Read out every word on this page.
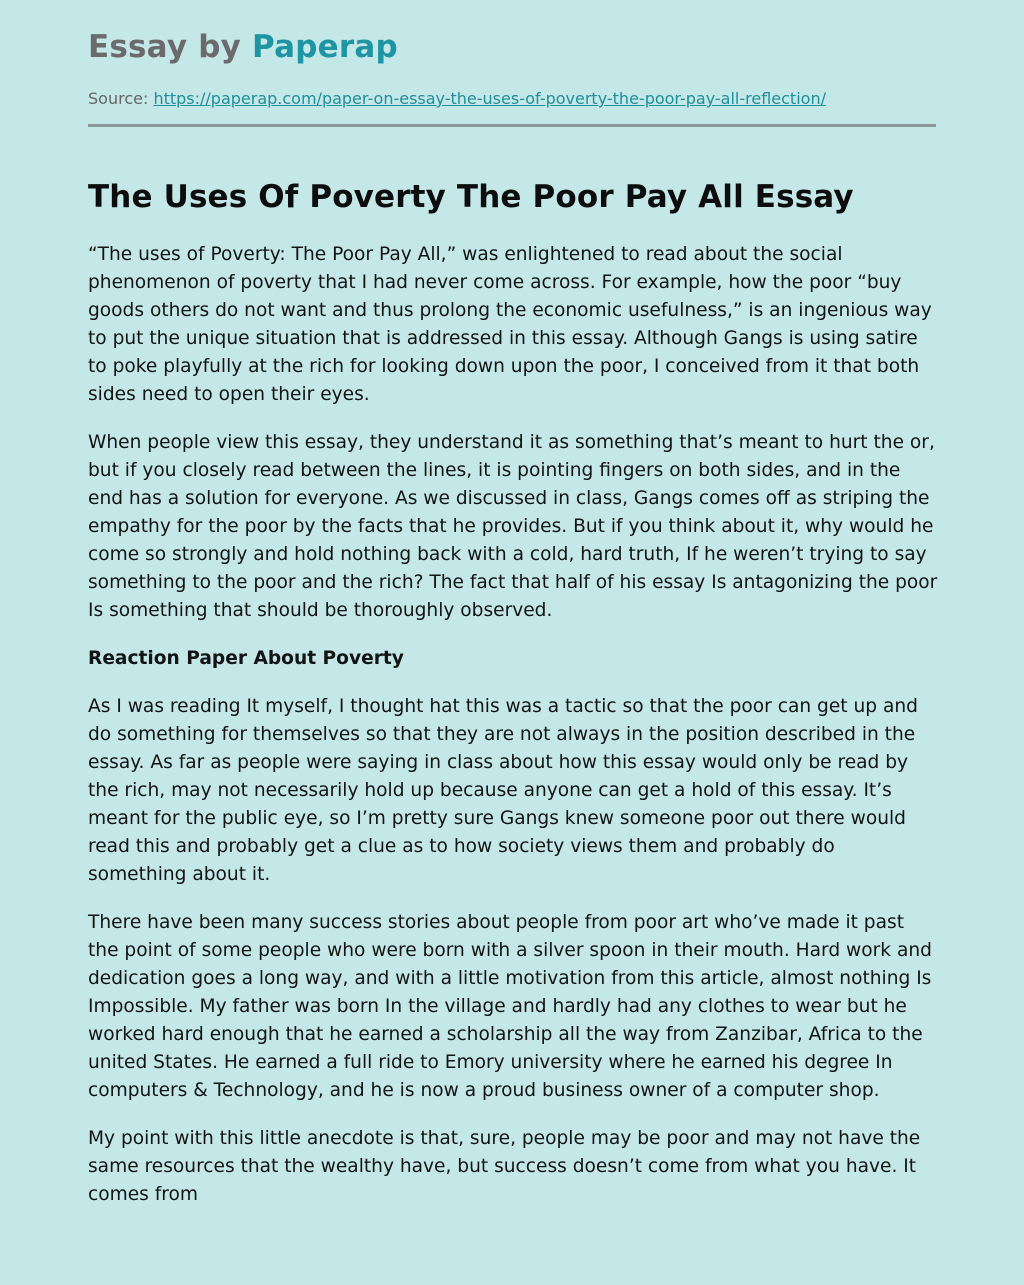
Essay by Paperap
Source: https://paperap.com/paper-on-essay-the-uses-of-poverty-the-poor-pay-all-reflection/
The Uses Of Poverty The Poor Pay All Essay

“The uses of Poverty: The Poor Pay All,” was enlightened to read about the social phenomenon of poverty that I had never come across. For example, how the poor “buy goods others do not want and thus prolong the economic usefulness,” is an ingenious way to put the unique situation that is addressed in this essay. Although Gangs is using satire to poke playfully at the rich for looking down upon the poor, I conceived from it that both sides need to open their eyes.

When people view this essay, they understand it as something that’s meant to hurt the or, but if you closely read between the lines, it is pointing fingers on both sides, and in the end has a solution for everyone. As we discussed in class, Gangs comes off as striping the empathy for the poor by the facts that he provides. But if you think about it, why would he come so strongly and hold nothing back with a cold, hard truth, If he weren’t trying to say something to the poor and the rich? The fact that half of his essay Is antagonizing the poor Is something that should be thoroughly observed.

Reaction Paper About Poverty

As I was reading It myself, I thought hat this was a tactic so that the poor can get up and do something for themselves so that they are not always in the position described in the essay. As far as people were saying in class about how this essay would only be read by the rich, may not necessarily hold up because anyone can get a hold of this essay. It’s meant for the public eye, so I’m pretty sure Gangs knew someone poor out there would read this and probably get a clue as to how society views them and probably do something about it.

There have been many success stories about people from poor art who’ve made it past the point of some people who were born with a silver spoon in their mouth. Hard work and dedication goes a long way, and with a little motivation from this article, almost nothing Is Impossible. My father was born In the village and hardly had any clothes to wear but he worked hard enough that he earned a scholarship all the way from Zanzibar, Africa to the united States. He earned a full ride to Emory university where he earned his degree In computers & Technology, and he is now a proud business owner of a computer shop.

My point with this little anecdote is that, sure, people may be poor and may not have the same resources that the wealthy have, but success doesn’t come from what you have. It comes from
